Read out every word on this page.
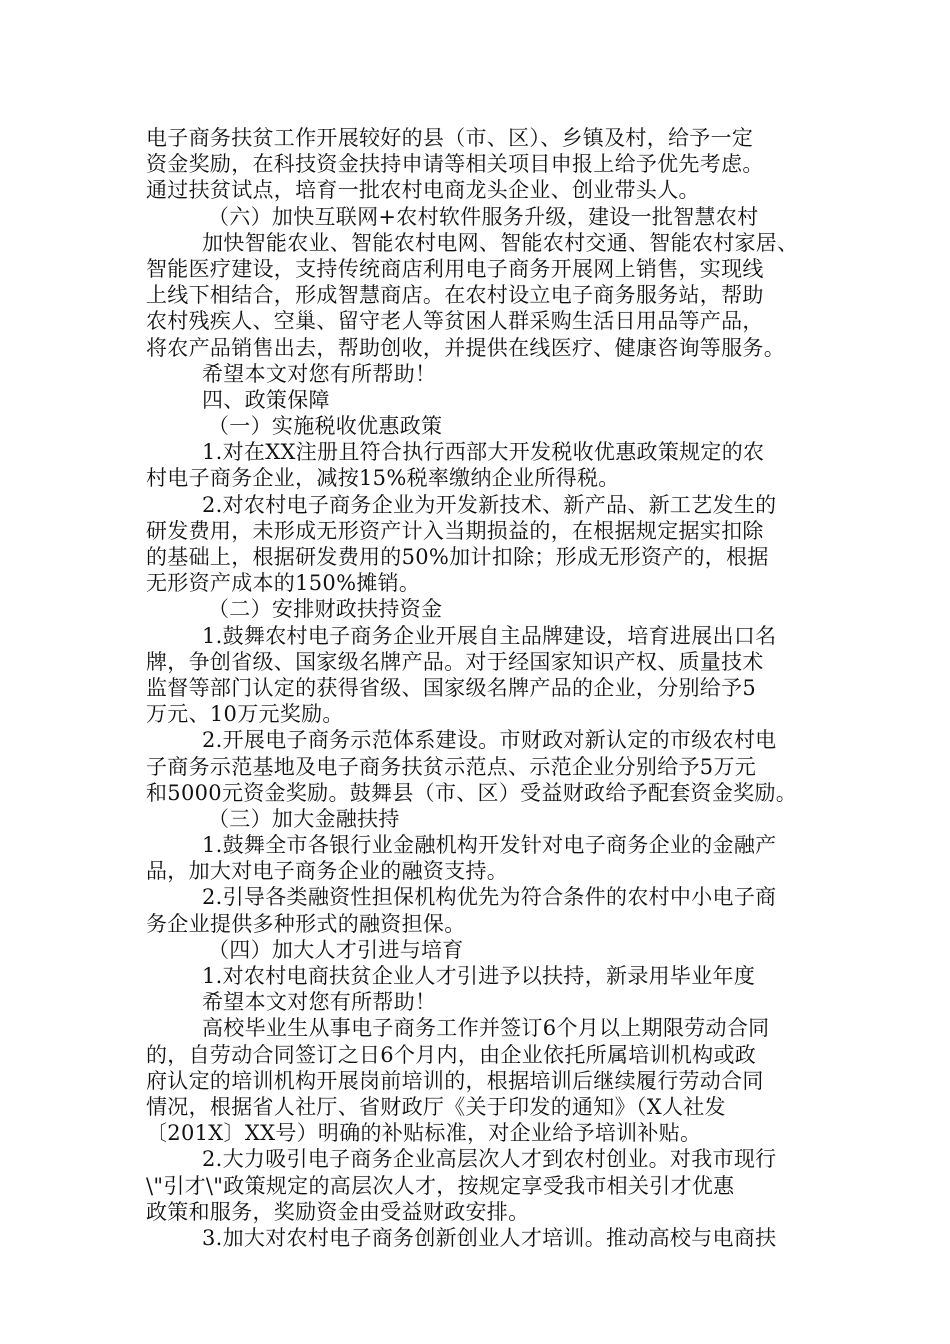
电子商务扶贫工作开展较好的县（市、区）、乡镇及村，给予一定
资金奖励，在科技资金扶持申请等相关项目申报上给予优先考虑。
通过扶贫试点，培育一批农村电商龙头企业、创业带头人。
（六）加快互联网+农村软件服务升级，建设一批智慧农村
加快智能农业、智能农村电网、智能农村交通、智能农村家居、
智能医疗建设，支持传统商店利用电子商务开展网上销售，实现线
上线下相结合，形成智慧商店。在农村设立电子商务服务站，帮助
农村残疾人、空巢、留守老人等贫困人群采购生活日用品等产品，
将农产品销售出去，帮助创收，并提供在线医疗、健康咨询等服务。
希望本文对您有所帮助！
四、政策保障
（一）实施税收优惠政策
1.对在XX注册且符合执行西部大开发税收优惠政策规定的农
村电子商务企业，减按15%税率缴纳企业所得税。
2.对农村电子商务企业为开发新技术、新产品、新工艺发生的
研发费用，未形成无形资产计入当期损益的，在根据规定据实扣除
的基础上，根据研发费用的50%加计扣除；形成无形资产的，根据
无形资产成本的150%摊销。
（二）安排财政扶持资金
1.鼓舞农村电子商务企业开展自主品牌建设，培育进展出口名
牌，争创省级、国家级名牌产品。对于经国家知识产权、质量技术
监督等部门认定的获得省级、国家级名牌产品的企业，分别给予5
万元、10万元奖励。
2.开展电子商务示范体系建设。市财政对新认定的市级农村电
子商务示范基地及电子商务扶贫示范点、示范企业分别给予5万元
和5000元资金奖励。鼓舞县（市、区）受益财政给予配套资金奖励。
（三）加大金融扶持
1.鼓舞全市各银行业金融机构开发针对电子商务企业的金融产
品，加大对电子商务企业的融资支持。
2.引导各类融资性担保机构优先为符合条件的农村中小电子商
务企业提供多种形式的融资担保。
（四）加大人才引进与培育
1.对农村电商扶贫企业人才引进予以扶持，新录用毕业年度
希望本文对您有所帮助！
高校毕业生从事电子商务工作并签订6个月以上期限劳动合同
的，自劳动合同签订之日6个月内，由企业依托所属培训机构或政
府认定的培训机构开展岗前培训的，根据培训后继续履行劳动合同
情况，根据省人社厅、省财政厅《关于印发的通知》（X人社发
〔201X〕XX号）明确的补贴标准，对企业给予培训补贴。
2.大力吸引电子商务企业高层次人才到农村创业。对我市现行
\"引才\"政策规定的高层次人才，按规定享受我市相关引才优惠
政策和服务，奖励资金由受益财政安排。
3.加大对农村电子商务创新创业人才培训。推动高校与电商扶
